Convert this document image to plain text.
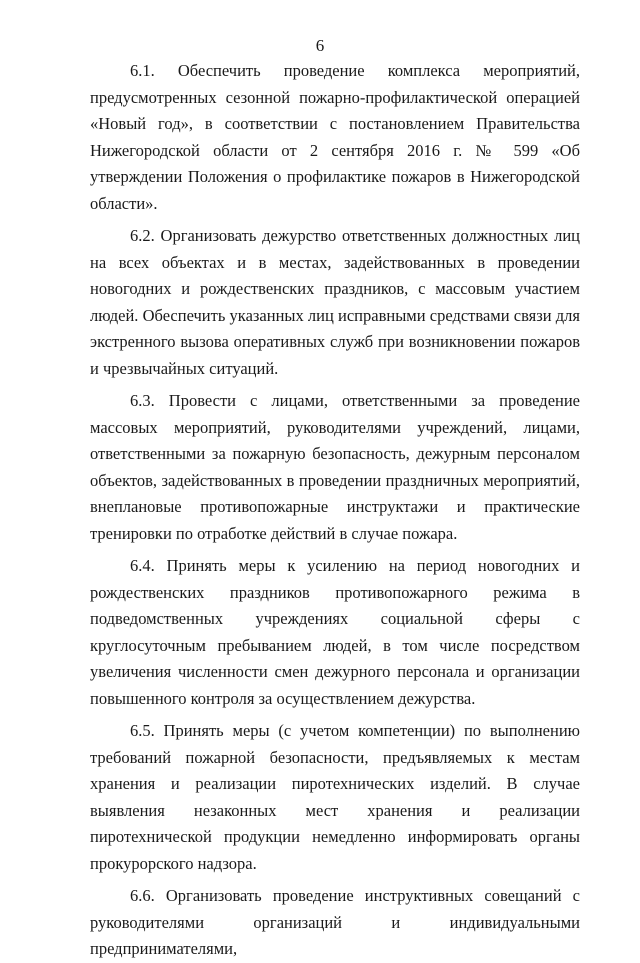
6

6.1. Обеспечить проведение комплекса мероприятий, предусмотренных сезонной пожарно-профилактической операцией «Новый год», в соответствии с постановлением Правительства Нижегородской области от 2 сентября 2016 г. № 599 «Об утверждении Положения о профилактике пожаров в Нижегородской области».

6.2. Организовать дежурство ответственных должностных лиц на всех объектах и в местах, задействованных в проведении новогодних и рождественских праздников, с массовым участием людей. Обеспечить указанных лиц исправными средствами связи для экстренного вызова оперативных служб при возникновении пожаров и чрезвычайных ситуаций.

6.3. Провести с лицами, ответственными за проведение массовых мероприятий, руководителями учреждений, лицами, ответственными за пожарную безопасность, дежурным персоналом объектов, задействованных в проведении праздничных мероприятий, внеплановые противопожарные инструктажи и практические тренировки по отработке действий в случае пожара.

6.4. Принять меры к усилению на период новогодних и рождественских праздников противопожарного режима в подведомственных учреждениях социальной сферы с круглосуточным пребыванием людей, в том числе посредством увеличения численности смен дежурного персонала и организации повышенного контроля за осуществлением дежурства.

6.5. Принять меры (с учетом компетенции) по выполнению требований пожарной безопасности, предъявляемых к местам хранения и реализации пиротехнических изделий. В случае выявления незаконных мест хранения и реализации пиротехнической продукции немедленно информировать органы прокурорского надзора.

6.6. Организовать проведение инструктивных совещаний с руководителями организаций и индивидуальными предпринимателями,
